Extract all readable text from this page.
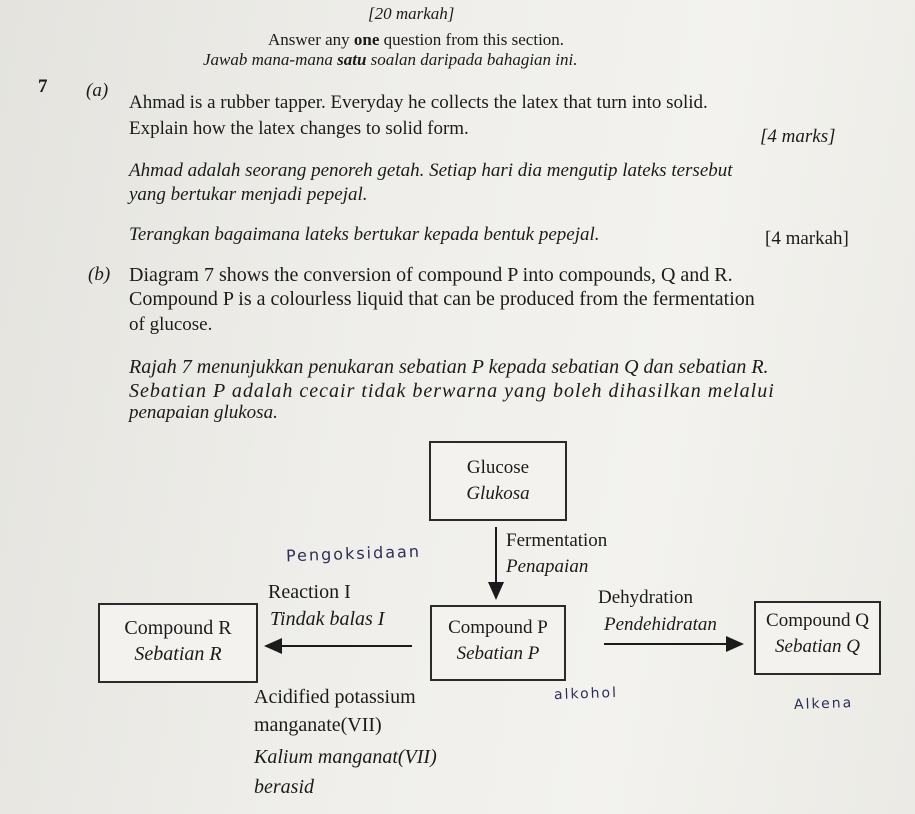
[20 markah]
Answer any one question from this section.
Jawab mana-mana satu soalan daripada bahagian ini.
7 (a)
Ahmad is a rubber tapper. Everyday he collects the latex that turn into solid.
Explain how the latex changes to solid form.	[4 marks]
Ahmad adalah seorang penoreh getah. Setiap hari dia mengutip lateks tersebut
yang bertukar menjadi pepejal.
Terangkan bagaimana lateks bertukar kepada bentuk pepejal.	[4 markah]
(b) Diagram 7 shows the conversion of compound P into compounds, Q and R.
Compound P is a colourless liquid that can be produced from the fermentation
of glucose.
Rajah 7 menunjukkan penukaran sebatian P kepada sebatian Q dan sebatian R.
Sebatian P adalah cecair tidak berwarna yang boleh dihasilkan melalui
penapaian glukosa.
Glucose
Glukosa
Compound P
Sebatian P
Compound Q
Sebatian Q
Compound R
Sebatian R
Fermentation
Penapaian
Dehydration
Pendehidratan
Reaction I
Tindak balas I
Acidified potassium
manganate(VII)
Kalium manganat(VII)
berasid
Pengoksidaan
alkohol
Alkena
